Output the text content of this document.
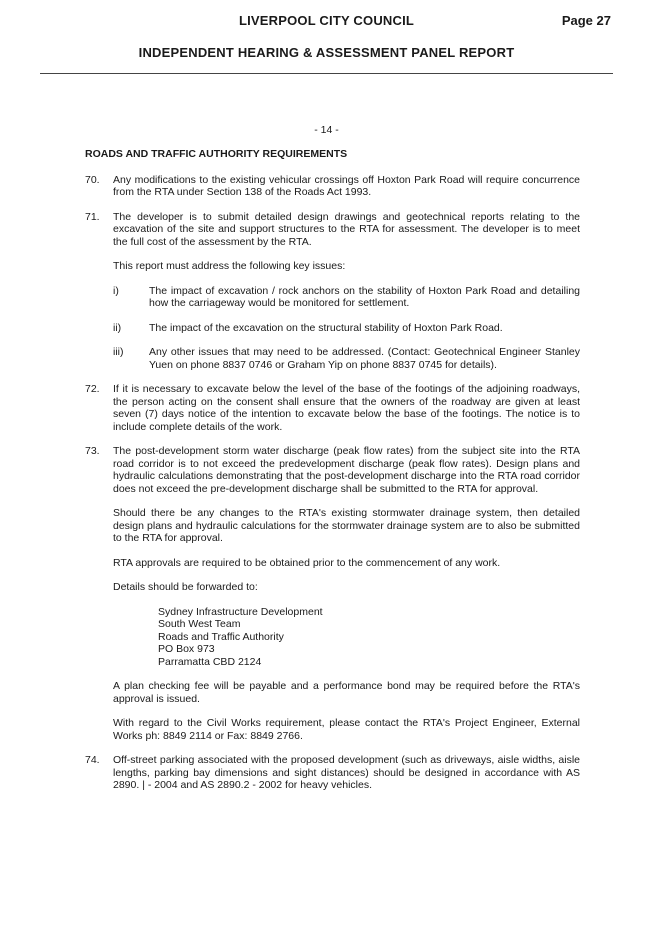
LIVERPOOL CITY COUNCIL	Page 27
INDEPENDENT HEARING & ASSESSMENT PANEL REPORT
- 14 -
ROADS AND TRAFFIC AUTHORITY REQUIREMENTS
70. Any modifications to the existing vehicular crossings off Hoxton Park Road will require concurrence from the RTA under Section 138 of the Roads Act 1993.
71. The developer is to submit detailed design drawings and geotechnical reports relating to the excavation of the site and support structures to the RTA for assessment. The developer is to meet the full cost of the assessment by the RTA.

This report must address the following key issues:

i)	The impact of excavation / rock anchors on the stability of Hoxton Park Road and detailing how the carriageway would be monitored for settlement.
ii)	The impact of the excavation on the structural stability of Hoxton Park Road.
iii) Any other issues that may need to be addressed. (Contact: Geotechnical Engineer Stanley Yuen on phone 8837 0746 or Graham Yip on phone 8837 0745 for details).
72. If it is necessary to excavate below the level of the base of the footings of the adjoining roadways, the person acting on the consent shall ensure that the owners of the roadway are given at least seven (7) days notice of the intention to excavate below the base of the footings. The notice is to include complete details of the work.
73. The post-development storm water discharge (peak flow rates) from the subject site into the RTA road corridor is to not exceed the predevelopment discharge (peak flow rates). Design plans and hydraulic calculations demonstrating that the post-development discharge into the RTA road corridor does not exceed the pre-development discharge shall be submitted to the RTA for approval.

Should there be any changes to the RTA's existing stormwater drainage system, then detailed design plans and hydraulic calculations for the stormwater drainage system are to also be submitted to the RTA for approval.

RTA approvals are required to be obtained prior to the commencement of any work.

Details should be forwarded to:

Sydney Infrastructure Development
South West Team
Roads and Traffic Authority
PO Box 973
Parramatta CBD 2124

A plan checking fee will be payable and a performance bond may be required before the RTA's approval is issued.

With regard to the Civil Works requirement, please contact the RTA's Project Engineer, External Works ph: 8849 2114 or Fax: 8849 2766.

74. Off-street parking associated with the proposed development (such as driveways, aisle widths, aisle lengths, parking bay dimensions and sight distances) should be designed in accordance with AS 2890. | - 2004 and AS 2890.2 - 2002 for heavy vehicles.
